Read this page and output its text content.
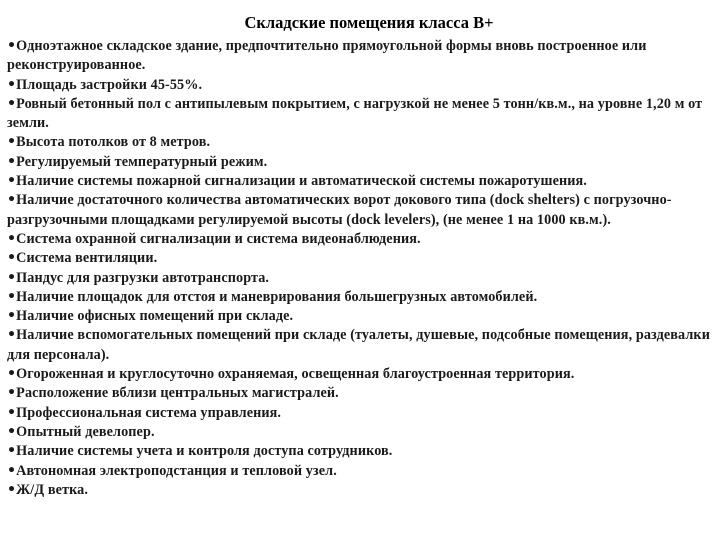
Складские помещения класса В+
•Одноэтажное складское здание, предпочтительно прямоугольной формы вновь построенное или реконструированное.
•Площадь застройки 45-55%.
•Ровный бетонный пол с антипылевым покрытием, с нагрузкой не менее 5 тонн/кв.м., на уровне 1,20 м от земли.
•Высота потолков от 8 метров.
•Регулируемый температурный режим.
•Наличие системы пожарной сигнализации и автоматической системы пожаротушения.
•Наличие достаточного количества автоматических ворот докового типа (dock shelters) с погрузочно-разгрузочными площадками регулируемой высоты (dock levelers), (не менее 1 на 1000 кв.м.).
•Система охранной сигнализации и система видеонаблюдения.
•Система вентиляции.
•Пандус для разгрузки автотранспорта.
•Наличие площадок для отстоя и маневрирования большегрузных автомобилей.
•Наличие офисных помещений при складе.
•Наличие вспомогательных помещений при складе (туалеты, душевые, подсобные помещения, раздевалки для персонала).
•Огороженная и круглосуточно охраняемая, освещенная благоустроенная территория.
•Расположение вблизи центральных магистралей.
•Профессиональная система управления.
•Опытный девелопер.
•Наличие системы учета и контроля доступа сотрудников.
•Автономная электроподстанция и тепловой узел.
•Ж/Д ветка.
